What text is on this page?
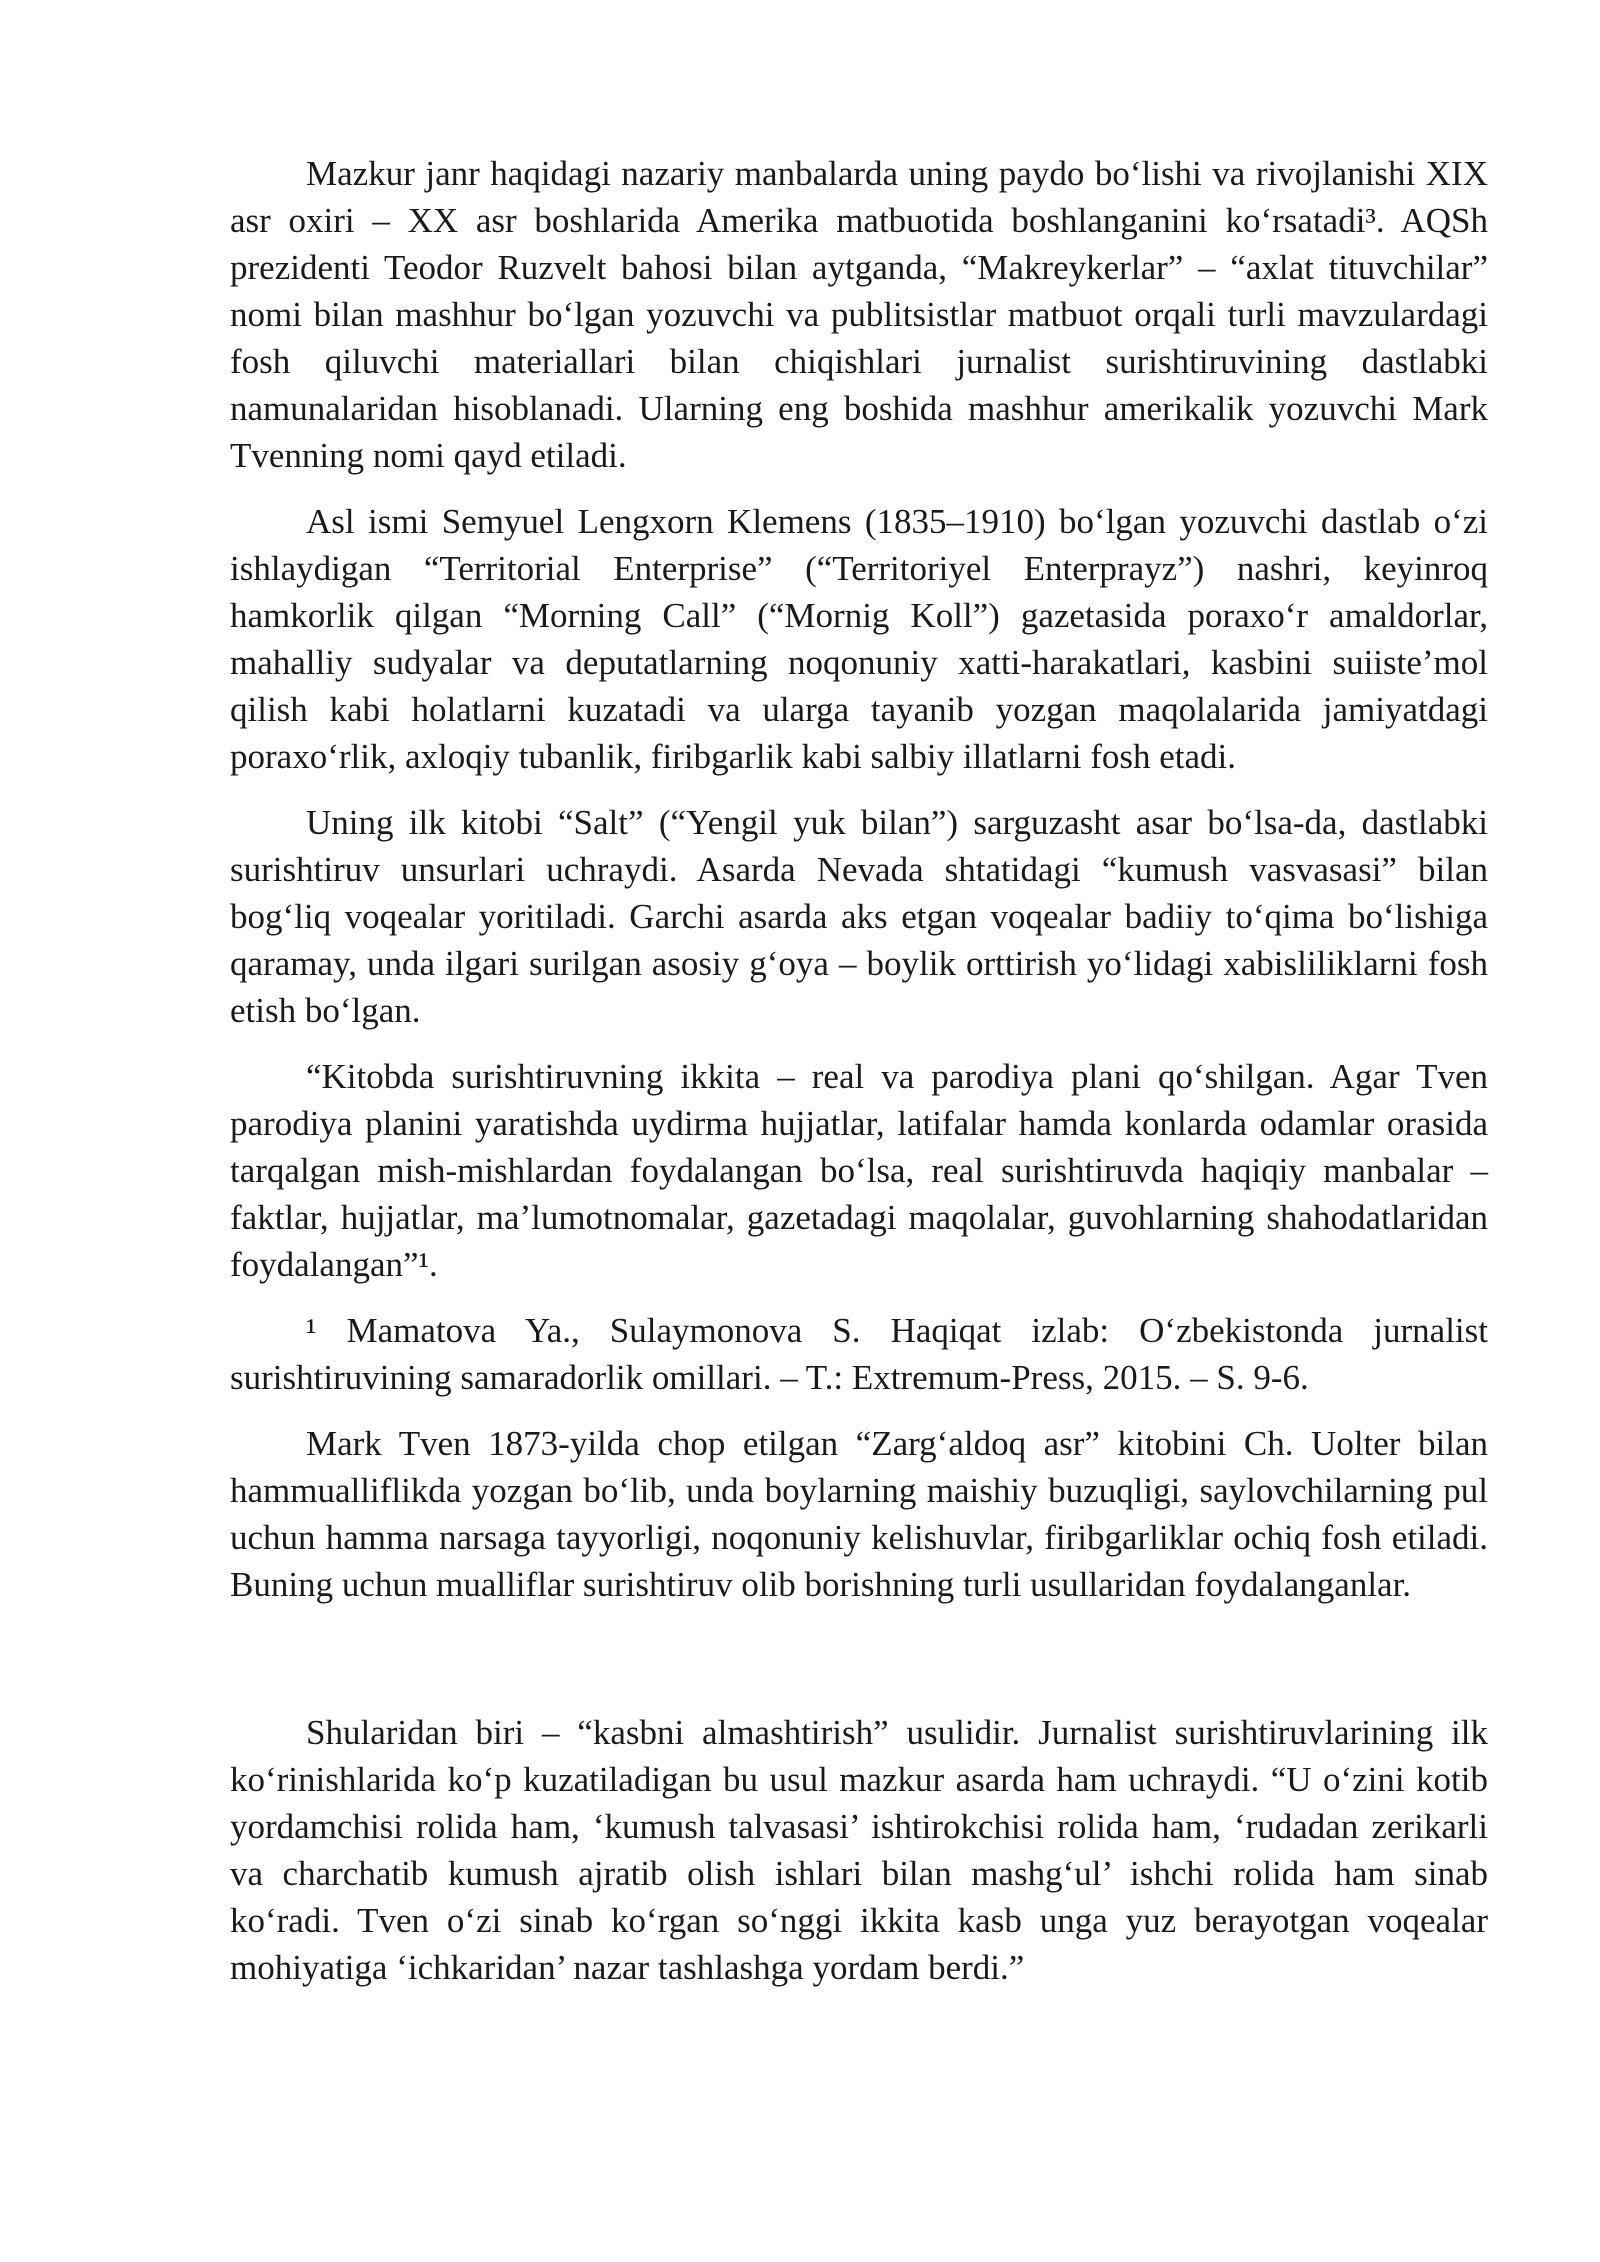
Mazkur janr haqidagi nazariy manbalarda uning paydo boʻlishi va rivojlanishi XIX asr oxiri – XX asr boshlarida Amerika matbuotida boshlanganini koʻrsatadi³. AQSh prezidenti Teodor Ruzvelt bahosi bilan aytganda, “Makreykerlar” – “axlat tituvchilar” nomi bilan mashhur boʻlgan yozuvchi va publitsistlar matbuot orqali turli mavzulardagi fosh qiluvchi materiallari bilan chiqishlari jurnalist surishtiruvining dastlabki namunalaridan hisoblanadi. Ularning eng boshida mashhur amerikalik yozuvchi Mark Tvenning nomi qayd etiladi.

Asl ismi Semyuel Lengxorn Klemens (1835–1910) boʻlgan yozuvchi dastlab oʻzi ishlaydigan “Territorial Enterprise” (“Territoriyel Enterprayz”) nashri, keyinroq hamkorlik qilgan “Morning Call” (“Mornig Koll”) gazetasida poraxoʻr amaldorlar, mahalliy sudyalar va deputatlarning noqonuniy xatti-harakatlari, kasbini suiisteʼmol qilish kabi holatlarni kuzatadi va ularga tayanib yozgan maqolalarida jamiyatdagi poraxoʻrlik, axloqiy tubanlik, firibgarlik kabi salbiy illatlarni fosh etadi.

Uning ilk kitobi “Salt” (“Yengil yuk bilan”) sarguzasht asar boʻlsa-da, dastlabki surishtiruv unsurlari uchraydi. Asarda Nevada shtatidagi “kumush vasvasasi” bilan bogʻliq voqealar yoritiladi. Garchi asarda aks etgan voqealar badiiy toʻqima boʻlishiga qaramay, unda ilgari surilgan asosiy gʻoya – boylik orttirish yoʻlidagi xabisliliklarni fosh etish boʻlgan.

“Kitobda surishtiruvning ikkita – real va parodiya plani qoʻshilgan. Agar Tven parodiya planini yaratishda uydirma hujjatlar, latifalar hamda konlarda odamlar orasida tarqalgan mish-mishlardan foydalangan boʻlsa, real surishtiruvda haqiqiy manbalar – faktlar, hujjatlar, maʼlumotnomalar, gazetadagi maqolalar, guvohlarning shahodatlaridan foydalangan”¹.

¹ Mamatova Ya., Sulaymonova S. Haqiqat izlab: Oʻzbekistonda jurnalist surishtiruvining samaradorlik omillari. – T.: Extremum-Press, 2015. – S. 9-6.

Mark Tven 1873-yilda chop etilgan “Zargʻaldoq asr” kitobini Ch. Uolter bilan hammualliflikda yozgan boʻlib, unda boylarning maishiy buzuqligi, saylovchilarning pul uchun hamma narsaga tayyorligi, noqonuniy kelishuvlar, firibgarliklar ochiq fosh etiladi. Buning uchun mualliflar surishtiruv olib borishning turli usullaridan foydalanganlar.

Shularidan biri – “kasbni almashtirish” usulidir. Jurnalist surishtiruvlarining ilk koʻrinishlarida koʻp kuzatiladigan bu usul mazkur asarda ham uchraydi. “U oʻzini kotib yordamchisi rolida ham, ‘kumush talvasasi’ ishtirokchisi rolida ham, ‘rudadan zerikarli va charchatib kumush ajratib olish ishlari bilan mashgʻul’ ishchi rolida ham sinab koʻradi. Tven oʻzi sinab koʻrgan soʻnggi ikkita kasb unga yuz berayotgan voqealar mohiyatiga ‘ichkaridan’ nazar tashlashga yordam berdi.”
